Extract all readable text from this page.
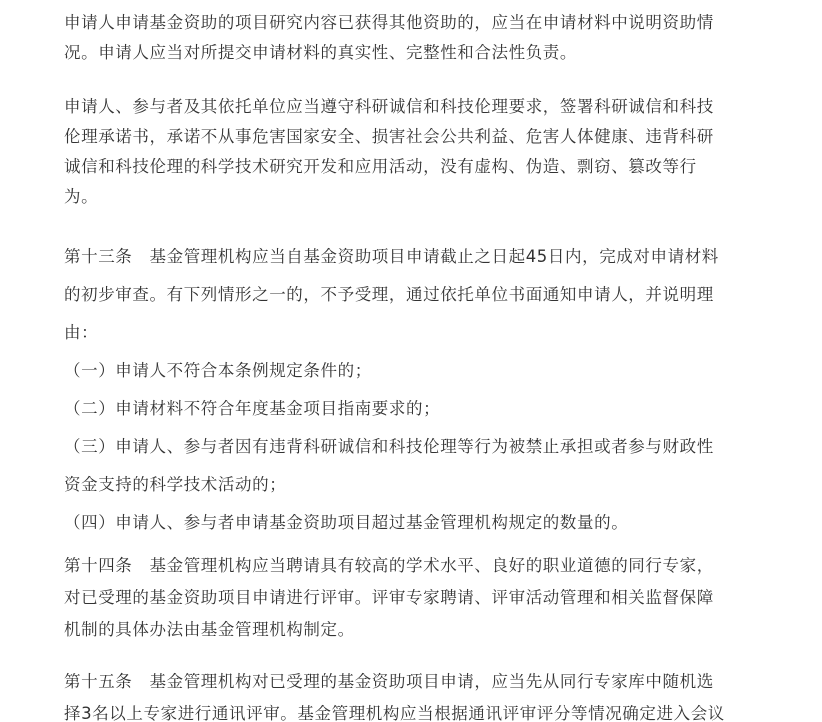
申请人申请基金资助的项目研究内容已获得其他资助的，应当在申请材料中说明资助情
况。申请人应当对所提交申请材料的真实性、完整性和合法性负责。
申请人、参与者及其依托单位应当遵守科研诚信和科技伦理要求，签署科研诚信和科技
伦理承诺书，承诺不从事危害国家安全、损害社会公共利益、危害人体健康、违背科研
诚信和科技伦理的科学技术研究开发和应用活动，没有虚构、伪造、剽窃、篡改等行
为。
第十三条　基金管理机构应当自基金资助项目申请截止之日起45日内，完成对申请材料
的初步审查。有下列情形之一的，不予受理，通过依托单位书面通知申请人，并说明理
由：
（一）申请人不符合本条例规定条件的；
（二）申请材料不符合年度基金项目指南要求的；
（三）申请人、参与者因有违背科研诚信和科技伦理等行为被禁止承担或者参与财政性
资金支持的科学技术活动的；
（四）申请人、参与者申请基金资助项目超过基金管理机构规定的数量的。
第十四条　基金管理机构应当聘请具有较高的学术水平、良好的职业道德的同行专家，
对已受理的基金资助项目申请进行评审。评审专家聘请、评审活动管理和相关监督保障
机制的具体办法由基金管理机构制定。
第十五条　基金管理机构对已受理的基金资助项目申请，应当先从同行专家库中随机选
择3名以上专家进行通讯评审。基金管理机构应当根据通讯评审评分等情况确定进入会议
